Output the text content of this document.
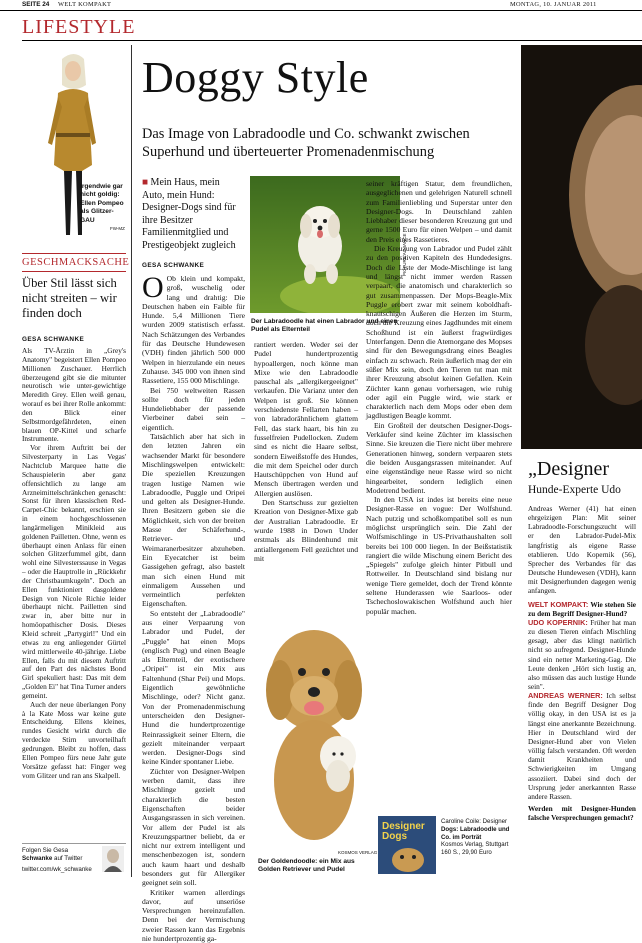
SEITE 24 WELT KOMPAKT	MONTAG, 10. JANUAR 2011
LIFESTYLE
Irgendwie gar nicht goldig: Ellen Pompeo als Glitzer-GAU
FW-MZ
GESCHMACKSACHE
Über Stil lässt sich nicht streiten – wir finden doch
GESA SCHWANKE

Als TV-Ärztin in „Grey's Anatomy" begeistert Ellen Pompeo Millionen Zuschauer. Herrlich überzeugend gibt sie die mitunter neurotisch wie unter-gewichtige Meredith Grey. Ellen weiß genau, worauf es bei ihrer Rolle ankommt: den Blick einer Selbstmordgefährdeten, einen blauen OP-Kittel und scharfe Instrumente.

Vor ihrem Auftritt bei der Silvesterparty in Las Vegas' Nachtclub Marquee hatte die Schauspielerin aber ganz offensichtlich zu lange am Arzneimittelschränkchen genascht: Sonst für ihren klassischen Red-Carpet-Chic bekannt, erschien sie in einem hochgeschlossenen langärmeligen Minikleid aus goldenen Pailletten. Ohne, wenn es überhaupt einen Anlass für einen solchen Glitzerfummel gibt, dann wohl eine Silvesterssause in Vegas – oder die Hauptrolle in „Rückkehr der Christbaumkugeln". Doch an Ellen funktioniert dasgoldene Design von Nicole Richie leider überhaupt nicht. Pailletten sind zwar in, aber bitte nur in homöopathischer Dosis. Dieses Kleid schreit „Partygirl!" Und ein etwas zu eng anliegender Gürtel wird mittlerweile 40-jährige. Liebe Ellen, falls du mit diesem Auftritt auf den Part des nächstes Bond Girl spekuliert hast: Das mit dem „Golden Ei" hat Tina Turner anders gemeint.

Auch der neue überlangen Pony à la Kate Moss war keine gute Entscheidung. Ellens kleines, rundes Gesicht wirkt durch die verdeckte Stirn unvorteilhaft gedrungen. Bleibt zu hoffen, dass Ellen Pompeo fürs neue Jahr gute Vorsätze gefasst hat: Finger weg vom Glitzer und ran ans Skalpell.

Folgen Sie Gesa Schwanke auf Twitter
twitter.com/wk_schwanke
Doggy Style
Das Image von Labradoodle und Co. schwankt zwischen Superhund und überteuerter Promenadenmischung
■ Mein Haus, mein Auto, mein Hund: Designer-Dogs sind für ihre Besitzer Familienmitglied und Prestigeobjekt zugleich
GESA SCHWANKE	PICTURE ALLIANCE
Der Labradoodle hat einen Labrador und einen Pudel als Elternteil

O Ob klein und kompakt, groß, wuschelig oder lang und drahtig: Die Deutschen haben ein Faible für Hunde. 5,4 Millionen Tiere wurden 2009 statistisch erfasst. Nach Schätzungen des Verbandes für das Deutsche Hundewesen (VDH) finden jährlich 500 000 Welpen in hierzulande ein neues Zuhause. 345 000 von ihnen sind Rassetiere, 155 000 Mischlinge.

Bei 750 weltweiten Rassen sollte doch für jeden Hundeliebhaber der passende Vierbeiner dabei sein – eigentlich.

Tatsächlich aber hat sich in den letzten Jahren ein wachsender Markt für besondere Mischlingswelpen entwickelt: Die speziellen Kreuzungen tragen lustige Namen wie Labradoodle, Puggle und Oripei und gelten als Designer-Hunde. Ihren Besitzern geben sie die Möglichkeit, sich von der breiten Masse der Schäferhund-, Retriever- und Weimaranerbesitzer abzuheben. Ein Eyecatcher ist beim Gassigehen gefragt, also bastelt man sich einen Hund mit einmaligem Aussehen und vermeintlich perfekten Eigenschaften.

So entsteht der „Labradoodle" aus einer Verpaarung von Labrador und Pudel, der „Puggle" hat einen Mops (englisch Pug) und einen Beagle als Elternteil, der exotischere „Oripei" ist ein Mix aus Faltenhund (Shar Pei) und Mops. Eigentlich gewöhnliche Mischlinge, oder? Nicht ganz. Von der Promenadenmischung unterscheiden den Designer-Hund die hundertprozentige Reinrassigkeit seiner Eltern, die gezielt miteinander verpaart werden. Designer-Dogs sind keine Kinder spontaner Liebe.

Züchter von Designer-Welpen werben damit, dass ihre Mischlinge gezielt und charakterlich die besten Eigenschaften beider Ausgangsrassen in sich vereinen. Vor allem der Pudel ist als Kreuzungspartner beliebt, da er nicht nur extrem intelligent und menschenbezogen ist, sondern auch kaum haart und deshalb besonders gut für Allergiker geeignet sein soll.

Kritiker warnen allerdings davor, auf unseriöse Versprechungen hereinzufallen. Denn bei der Vermischung zweier Rassen kann das Ergebnis nie hundertprozentig ga-

rantiert werden. Weder sei der Pudel hundertprozentig hypoallergen, noch könne man Mixe wie den Labradoodle pauschal als „allergikergeeignet" verkaufen. Die Varianz unter den Welpen ist groß. Sie können verschiedenste Fellarten haben – von labradorähnlichem glattem Fell, das stark haart, bis hin zu fusselfreien Pudellocken. Zudem sind es nicht die Haare selbst, sondern Eiweißstoffe des Hundes, die mit dem Speichel oder durch Hautschüppchen von Hund auf Mensch übertragen werden und Allergien auslösen.

Den Startschuss zur gezielten Kreation von Designer-Mixe gab der Australian Labradoodle. Er wurde 1988 in Down Under erstmals als Blindenhund mit antiallergenem Fell gezüchtet und mit

KOSMOS VERLAG
Der Goldendoodle: ein Mix aus Golden Retriever und Pudel

seiner kräftigen Statur, dem freundlichen, ausgeglichenen und gelehrigen Naturell schnell zum Familienliebling und Superstar unter den Designer-Dogs. In Deutschland zahlen Liebhaber dieser besonderen Kreuzung gut und gerne 1500 Euro für einen Welpen – und damit den Preis eines Rassetieres.

Die Kreuzung von Labrador und Pudel zählt zu den positiven Kapiteln des Hundedesigns. Doch die Liste der Mode-Mischlinge ist lang und längst nicht immer werden Rassen verpaart, die anatomisch und charakterlich so gut zusammenpassen. Der Mops-Beagle-Mix Puggle erobert zwar mit seinem koboldhaft-knautschigen Äußeren die Herzen im Sturm, doch die Kreuzung eines Jagdhundes mit einem Schoßhund ist ein äußerst fragwürdiges Unterfangen. Denn die Atemorgane des Mopses sind für den Bewegungsdrang eines Beagles einfach zu schwach. Rein äußerlich mag der ein süßer Mix sein, doch den Tieren tut man mit ihrer Kreuzung absolut keinen Gefallen. Kein Züchter kann genau vorhersagen, wie ruhig oder agil ein Puggle wird, wie stark er charakterlich nach dem Mops oder eben dem jagdlustigen Beagle kommt.

Ein Großteil der deutschen Designer-Dogs-Verkäufer sind keine Züchter im klassischen Sinne. Sie kreuzen die Tiere nicht über mehrere Generationen hinweg, sondern verpaaren stets die beiden Ausgangsrassen miteinander. Auf eine eigenständige neue Rasse wird so nicht hingearbeitet, sondern lediglich einen Modetrend bedient.

In den USA ist indes ist bereits eine neue Designer-Rasse en vogue: Der Wolfshund. Nach putzig und schoßkompatibel soll es nun möglichst ursprünglich sein. Die Zahl der Wolfsmischlinge in US-Privathaushalten soll bereits bei 100 000 liegen. In der Beißstatistik rangiert die wilde Mischung einem Bericht des „Spiegels" zufolge gleich hinter Pitbull und Rottweiler. In Deutschland sind bislang nur wenige Tiere gemeldet, doch der Trend könnte seltene Hunderassen wie Saarloos- oder Tschechoslowakischen Wolfshund auch hier populär machen.

Designer Dogs
Caroline Coile: Designer
Dogs: Labradoodle und Co. im Porträt
Kosmos Verlag, Stuttgart
160 S., 29,90 Euro
„Designer
Hunde-Experte Udo

Andreas Werner (41) hat einen ehrgeizigen Plan: Mit seiner Labradoodle-Forschungszucht will er den Labrador-Pudel-Mix langfristig als eigene Rasse etablieren. Udo Kopernik (56), Sprecher des Verbandes für das Deutsche Hundewesen (VDH), kann mit Designerhunden dagegen wenig anfangen.

WELT KOMPAKT: Wie stehen Sie zu dem Begriff Designer-Hund?

UDO KOPERNIK: Früher hat man zu diesen Tieren einfach Mischling gesagt, aber das klingt natürlich nicht so aufregend. Designer-Hunde sind ein netter Marketing-Gag. Die Leute denken „Hört sich lustig an, also müssen das auch lustige Hunde sein".

ANDREAS WERNER: Ich selbst finde den Begriff Designer Dog völlig okay, in den USA ist es ja längst eine anerkannte Bezeichnung. Hier in Deutschland wird der Designer-Hund aber von Vielen völlig falsch verstanden. Oft werden damit Krankheiten und Schwierigkeiten im Umgang assoziiert. Dabei sind doch der Ursprung jeder anerkannten Rasse andere Rassen.

Werden mit Designer-Hunden falsche Versprechungen gemacht?
